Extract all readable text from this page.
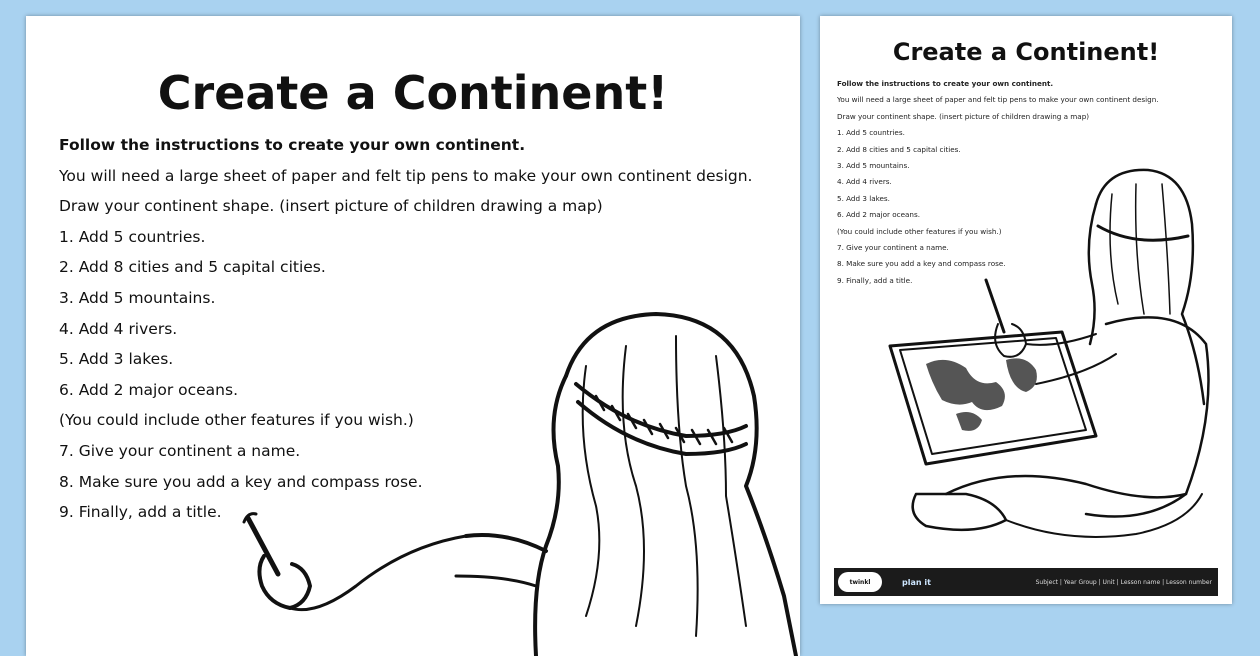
Create a Continent!
Follow the instructions to create your own continent.
You will need a large sheet of paper and felt tip pens to make your own continent design.
Draw your continent shape. (insert picture of children drawing a map)
1. Add 5 countries.
2. Add 8 cities and 5 capital cities.
3. Add 5 mountains.
4. Add 4 rivers.
5. Add 3 lakes.
6. Add 2 major oceans.
(You could include other features if you wish.)
7. Give your continent a name.
8. Make sure you add a key and compass rose.
9. Finally, add a title.
Create a Continent!
Follow the instructions to create your own continent.
You will need a large sheet of paper and felt tip pens to make your own continent design.
Draw your continent shape. (insert picture of children drawing a map)
1. Add 5 countries.
2. Add 8 cities and 5 capital cities.
3. Add 5 mountains.
4. Add 4 rivers.
5. Add 3 lakes.
6. Add 2 major oceans.
(You could include other features if you wish.)
7. Give your continent a name.
8. Make sure you add a key and compass rose.
9. Finally, add a title.
twinkl	plan it	Subject | Year Group | Unit | Lesson name | Lesson number
